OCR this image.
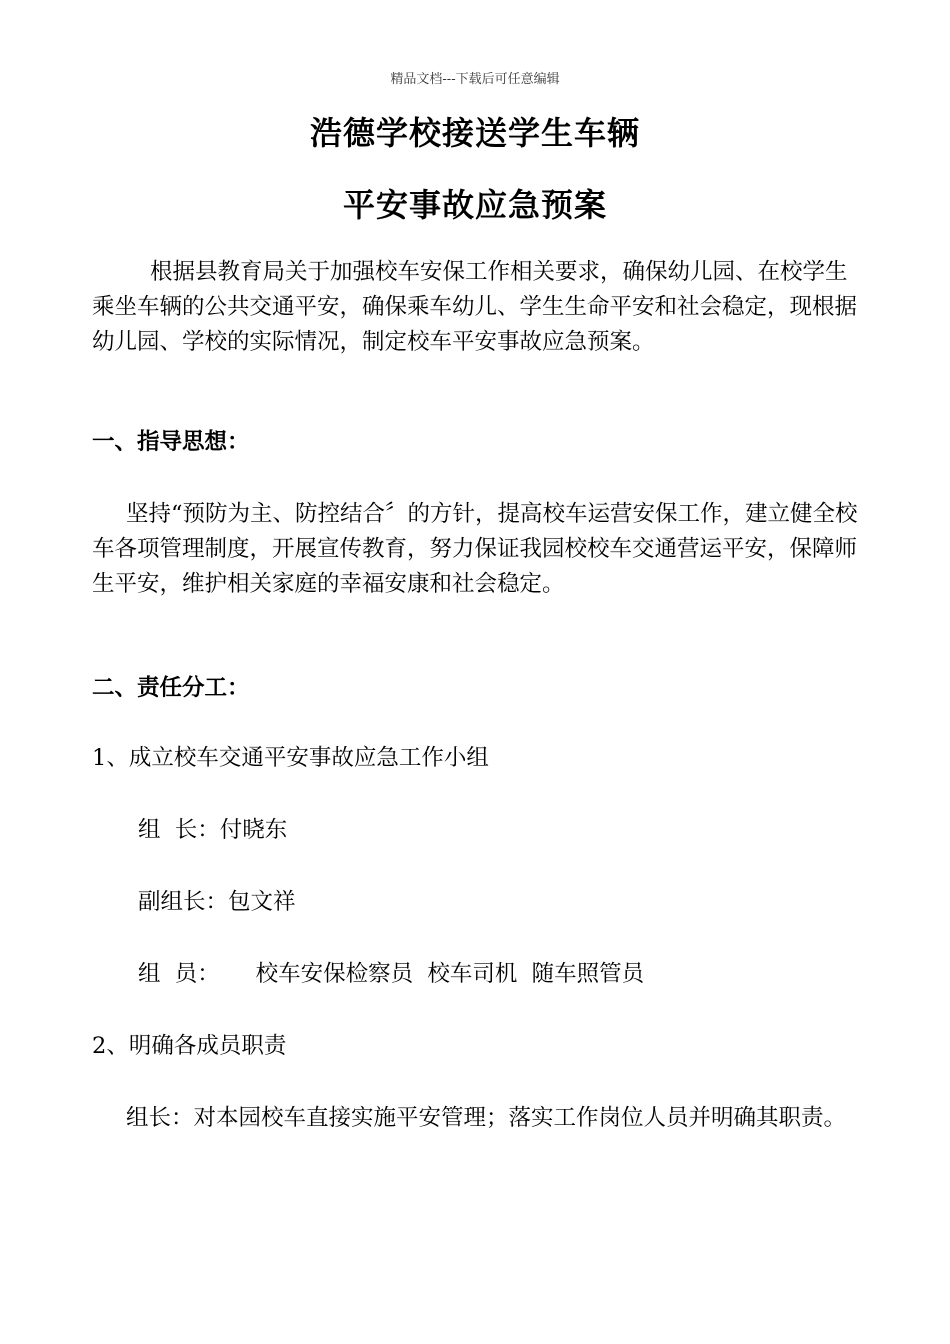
精品文档---下载后可任意编辑
浩德学校接送学生车辆
平安事故应急预案

根据县教育局关于加强校车安保工作相关要求，确保幼儿园、在校学生乘坐车辆的公共交通平安，确保乘车幼儿、学生生命平安和社会稳定，现根据幼儿园、学校的实际情况，制定校车平安事故应急预案。

一、指导思想：

坚持“预防为主、防控结合〞的方针，提高校车运营安保工作，建立健全校车各项管理制度，开展宣传教育，努力保证我园校校车交通营运平安，保障师生平安，维护相关家庭的幸福安康和社会稳定。

二、责任分工：

1、成立校车交通平安事故应急工作小组
组  长：付晓东
副组长：包文祥
组  员：     校车安保检察员  校车司机  随车照管员
2、明确各成员职责

组长：对本园校车直接实施平安管理；落实工作岗位人员并明确其职责。
